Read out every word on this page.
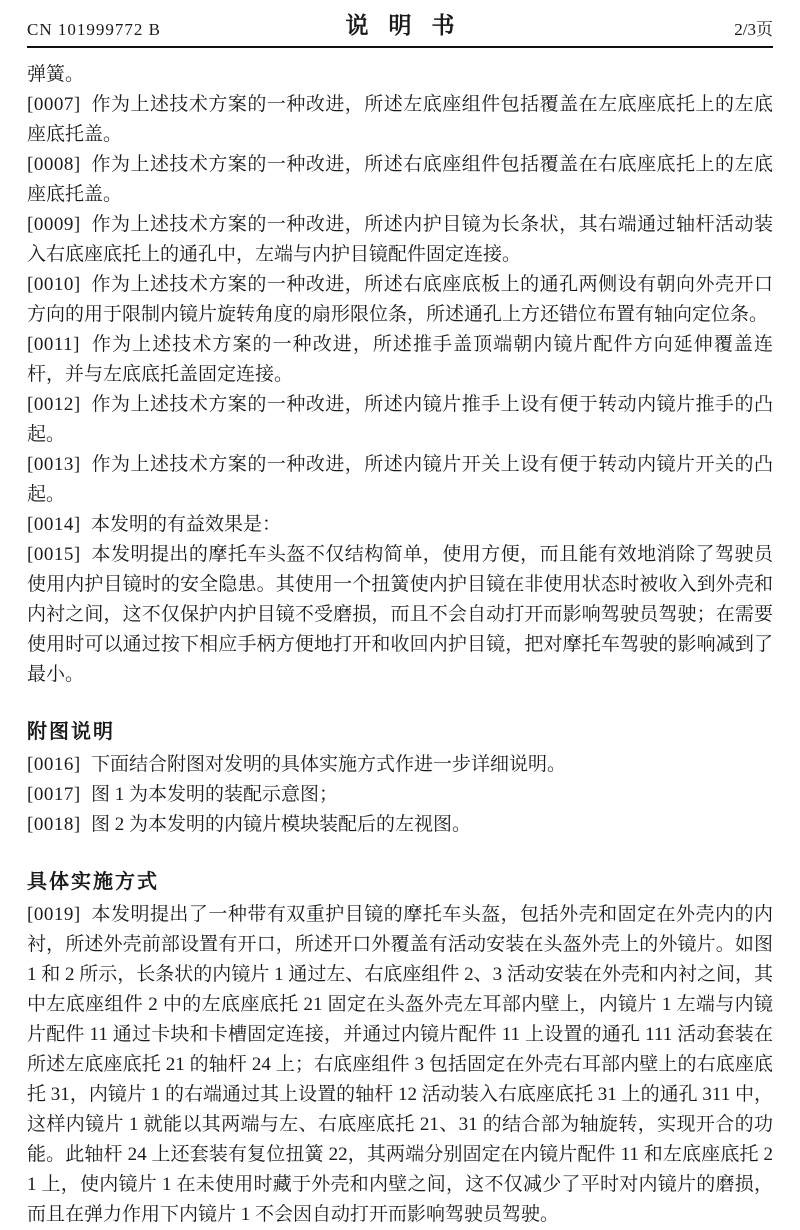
CN 101999772 B	说明书	2/3页
弹簧。
[0007] 作为上述技术方案的一种改进，所述左底座组件包括覆盖在左底座底托上的左底座底托盖。
[0008] 作为上述技术方案的一种改进，所述右底座组件包括覆盖在右底座底托上的左底座底托盖。
[0009] 作为上述技术方案的一种改进，所述内护目镜为长条状，其右端通过轴杆活动装入右底座底托上的通孔中，左端与内护目镜配件固定连接。
[0010] 作为上述技术方案的一种改进，所述右底座底板上的通孔两侧设有朝向外壳开口方向的用于限制内镜片旋转角度的扇形限位条，所述通孔上方还错位布置有轴向定位条。
[0011] 作为上述技术方案的一种改进，所述推手盖顶端朝内镜片配件方向延伸覆盖连杆，并与左底底托盖固定连接。
[0012] 作为上述技术方案的一种改进，所述内镜片推手上设有便于转动内镜片推手的凸起。
[0013] 作为上述技术方案的一种改进，所述内镜片开关上设有便于转动内镜片开关的凸起。
[0014] 本发明的有益效果是：
[0015] 本发明提出的摩托车头盔不仅结构简单，使用方便，而且能有效地消除了驾驶员使用内护目镜时的安全隐患。其使用一个扭簧使内护目镜在非使用状态时被收入到外壳和内衬之间，这不仅保护内护目镜不受磨损，而且不会自动打开而影响驾驶员驾驶；在需要使用时可以通过按下相应手柄方便地打开和收回内护目镜，把对摩托车驾驶的影响减到了最小。
附图说明
[0016] 下面结合附图对发明的具体实施方式作进一步详细说明。
[0017] 图 1 为本发明的装配示意图；
[0018] 图 2 为本发明的内镜片模块装配后的左视图。
具体实施方式
[0019] 本发明提出了一种带有双重护目镜的摩托车头盔，包括外壳和固定在外壳内的内衬，所述外壳前部设置有开口，所述开口外覆盖有活动安装在头盔外壳上的外镜片。如图 1 和 2 所示，长条状的内镜片 1 通过左、右底座组件 2、3 活动安装在外壳和内衬之间，其中左底座组件 2 中的左底座底托 21 固定在头盔外壳左耳部内壁上，内镜片 1 左端与内镜片配件 11 通过卡块和卡槽固定连接，并通过内镜片配件 11 上设置的通孔 111 活动套装在所述左底座底托 21 的轴杆 24 上；右底座组件 3 包括固定在外壳右耳部内壁上的右底座底托 31，内镜片 1 的右端通过其上设置的轴杆 12 活动装入右底座底托 31 上的通孔 311 中，这样内镜片 1 就能以其两端与左、右底座底托 21、31 的结合部为轴旋转，实现开合的功能。此轴杆 24 上还套装有复位扭簧 22，其两端分别固定在内镜片配件 11 和左底座底托 21 上，使内镜片 1 在未使用时藏于外壳和内壁之间，这不仅减少了平时对内镜片的磨损，而且在弹力作用下内镜片 1 不会因自动打开而影响驾驶员驾驶。
